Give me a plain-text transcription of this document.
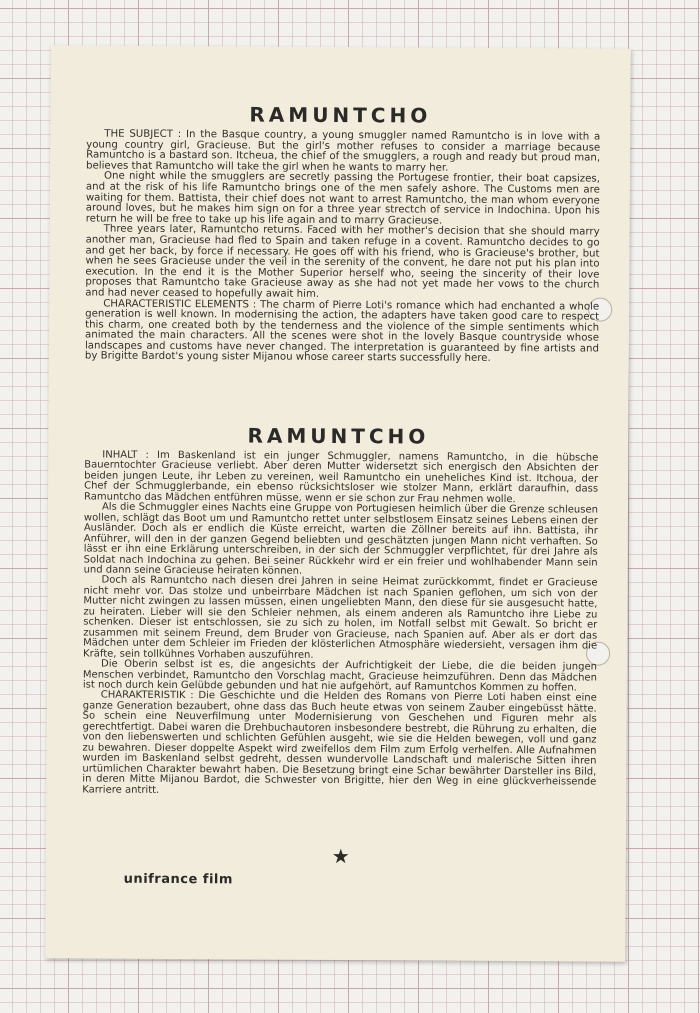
RAMUNTCHO

THE SUBJECT : In the Basque country, a young smuggler named Ramuntcho is in love with a young country girl, Gracieuse. But the girl's mother refuses to consider a marriage because Ramuntcho is a bastard son. Itcheua, the chief of the smugglers, a rough and ready but proud man, believes that Ramuntcho will take the girl when he wants to marry her.

One night while the smugglers are secretly passing the Portugese frontier, their boat capsizes, and at the risk of his life Ramuntcho brings one of the men safely ashore. The Customs men are waiting for them. Battista, their chief does not want to arrest Ramuntcho, the man whom everyone around loves, but he makes him sign on for a three year strectch of service in Indochina. Upon his return he will be free to take up his life again and to marry Gracieuse.

Three years later, Ramuntcho returns. Faced with her mother's decision that she should marry another man, Gracieuse had fled to Spain and taken refuge in a covent. Ramuntcho decides to go and get her back, by force if necessary. He goes off with his friend, who is Gracieuse's brother, but when he sees Gracieuse under the veil in the serenity of the convent, he dare not put his plan into execution. In the end it is the Mother Superior herself who, seeing the sincerity of their love proposes that Ramuntcho take Gracieuse away as she had not yet made her vows to the church and had never ceased to hopefully await him.

CHARACTERISTIC ELEMENTS : The charm of Pierre Loti's romance which had enchanted a whole generation is well known. In modernising the action, the adapters have taken good care to respect this charm, one created both by the tenderness and the violence of the simple sentiments which animated the main characters. All the scenes were shot in the lovely Basque countryside whose landscapes and customs have never changed. The interpretation is guaranteed by fine artists and by Brigitte Bardot's young sister Mijanou whose career starts successfully here.

RAMUNTCHO

INHALT : Im Baskenland ist ein junger Schmuggler, namens Ramuntcho, in die hübsche Bauerntochter Gracieuse verliebt. Aber deren Mutter widersetzt sich energisch den Absichten der beiden jungen Leute, ihr Leben zu vereinen, weil Ramuntcho ein uneheliches Kind ist. Itchoua, der Chef der Schmugglerbande, ein ebenso rücksichtsloser wie stolzer Mann, erklärt daraufhin, dass Ramuntcho das Mädchen entführen müsse, wenn er sie schon zur Frau nehmen wolle.

Als die Schmuggler eines Nachts eine Gruppe von Portugiesen heimlich über die Grenze schleusen wollen, schlägt das Boot um und Ramuntcho rettet unter selbstlosem Einsatz seines Lebens einen der Ausländer. Doch als er endlich die Küste erreicht, warten die Zöllner bereits auf ihn. Battista, ihr Anführer, will den in der ganzen Gegend beliebten und geschätzten jungen Mann nicht verhaften. So lässt er ihn eine Erklärung unterschreiben, in der sich der Schmuggler verpflichtet, für drei Jahre als Soldat nach Indochina zu gehen. Bei seiner Rückkehr wird er ein freier und wohlhabender Mann sein und dann seine Gracieuse heiraten können.

Doch als Ramuntcho nach diesen drei Jahren in seine Heimat zurückkommt, findet er Gracieuse nicht mehr vor. Das stolze und unbeirrbare Mädchen ist nach Spanien geflohen, um sich von der Mutter nicht zwingen zu lassen müssen, einen ungeliebten Mann, den diese für sie ausgesucht hatte, zu heiraten. Lieber will sie den Schleier nehmen, als einem anderen als Ramuntcho ihre Liebe zu schenken. Dieser ist entschlossen, sie zu sich zu holen, im Notfall selbst mit Gewalt. So bricht er zusammen mit seinem Freund, dem Bruder von Gracieuse, nach Spanien auf. Aber als er dort das Mädchen unter dem Schleier im Frieden der klösterlichen Atmosphäre wiedersieht, versagen ihm die Kräfte, sein tollkühnes Vorhaben auszuführen.

Die Oberin selbst ist es, die angesichts der Aufrichtigkeit der Liebe, die die beiden jungen Menschen verbindet, Ramuntcho den Vorschlag macht, Gracieuse heimzuführen. Denn das Mädchen ist noch durch kein Gelübde gebunden und hat nie aufgehört, auf Ramuntchos Kommen zu hoffen.

CHARAKTERISTIK : Die Geschichte und die Helden des Romans von Pierre Loti haben einst eine ganze Generation bezaubert, ohne dass das Buch heute etwas von seinem Zauber eingebüsst hätte. So schein eine Neuverfilmung unter Modernisierung von Geschehen und Figuren mehr als gerechtfertigt. Dabei waren die Drehbuchautoren insbesondere bestrebt, die Rührung zu erhalten, die von den liebenswerten und schlichten Gefühlen ausgeht, wie sie die Helden bewegen, voll und ganz zu bewahren. Dieser doppelte Aspekt wird zweifellos dem Film zum Erfolg verhelfen. Alle Aufnahmen wurden im Baskenland selbst gedreht, dessen wundervolle Landschaft und malerische Sitten ihren urtümlichen Charakter bewahrt haben. Die Besetzung bringt eine Schar bewährter Darsteller ins Bild, in deren Mitte Mijanou Bardot, die Schwester von Brigitte, hier den Weg in eine glückverheissende Karriere antritt.

★
unifrance film
